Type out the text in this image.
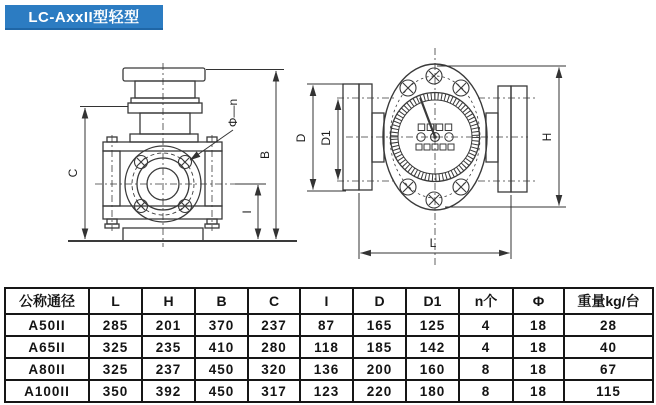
LC-AxxII型轻型
C
B
I
Φ—n
D D1	H
L
公称通径	L	H	B	C	I	D	D1	n个	Φ	重量kg/台
A50II	285	201	370	237	87	165	125	4	18	28
A65II	325	235	410	280	118	185	142	4	18	40
A80II	325	237	450	320	136	200	160	8	18	67
A100II	350	392	450	317	123	220	180	8	18	115
